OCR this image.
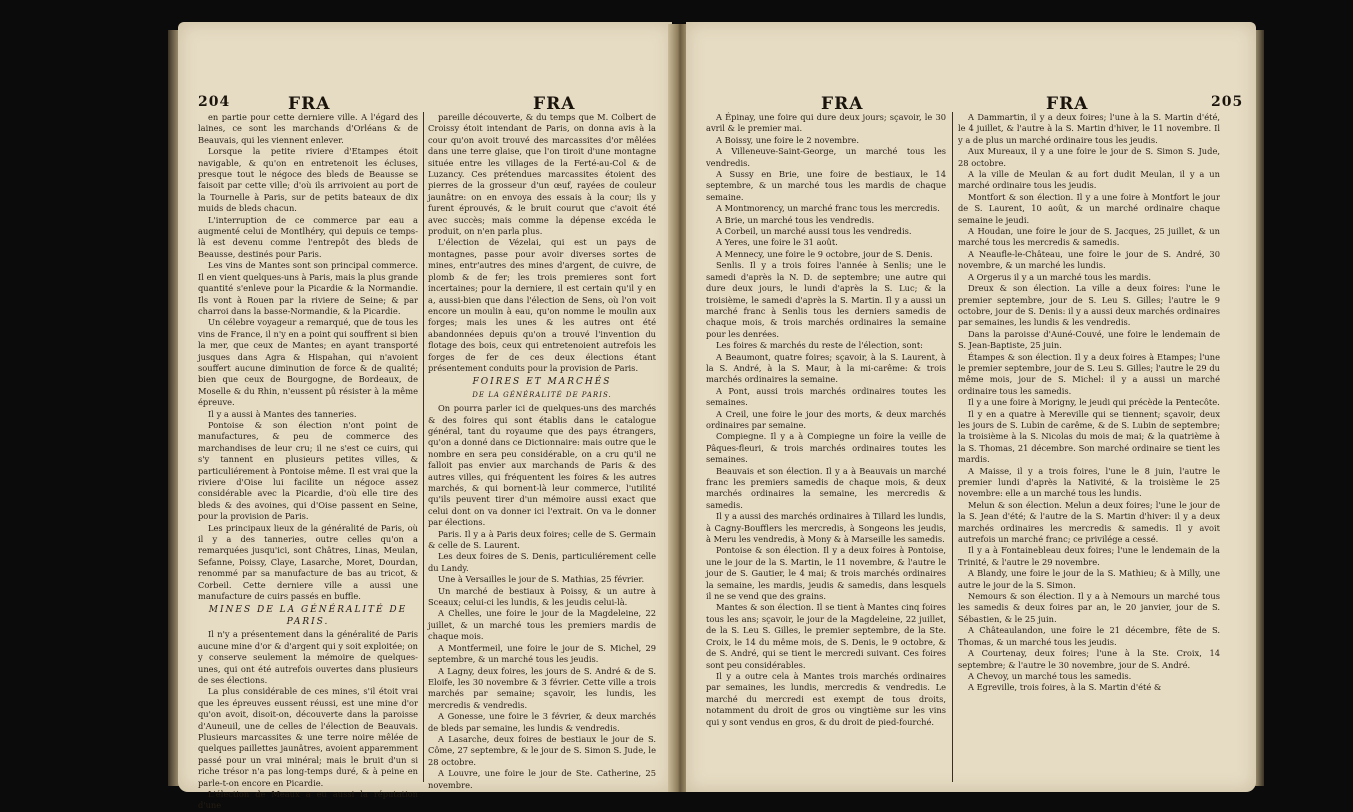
204	FRA	FRA

en partie pour cette derniere ville. A l'égard des laines, ce sont les marchands d'Orléans & de Beauvais, qui les viennent enlever.

Lorsque la petite riviere d'Etampes étoit navigable, & qu'on en entretenoit les écluses, presque tout le négoce des bleds de Beausse se faisoit par cette ville; d'où ils arrivoient au port de la Tournelle à Paris, sur de petits bateaux de dix muids de bleds chacun.

L'interruption de ce commerce par eau a augmenté celui de Montlhéry, qui depuis ce temps-là est devenu comme l'entrepôt des bleds de Beausse, destinés pour Paris.

Les vins de Mantes sont son principal commerce. Il en vient quelques-uns à Paris, mais la plus grande quantité s'enleve pour la Picardie & la Normandie. Ils vont à Rouen par la riviere de Seine; & par charroi dans la basse-Normandie, & la Picardie.

Un célebre voyageur a remarqué, que de tous les vins de France, il n'y en a point qui souffrent si bien la mer, que ceux de Mantes; en ayant transporté jusques dans Agra & Hispahan, qui n'avoient souffert aucune diminution de force & de qualité; bien que ceux de Bourgogne, de Bordeaux, de Moselle & du Rhin, n'eussent pû résister à la même épreuve.

Il y a aussi à Mantes des tanneries.

Pontoise & son élection n'ont point de manufactures, & peu de commerce des marchandises de leur cru; il ne s'est ce cuirs, qui s'y tannent en plusieurs petites villes, & particuliérement à Pontoise même. Il est vrai que la riviere d'Oise lui facilite un négoce assez considérable avec la Picardie, d'où elle tire des bleds & des avoines, qui d'Oise passent en Seine, pour la provision de Paris.

Les principaux lieux de la généralité de Paris, où il y a des tanneries, outre celles qu'on a remarquées jusqu'ici, sont Châtres, Linas, Meulan, Sefanne, Poissy, Claye, Lasarche, Moret, Dourdan, renommé par sa manufacture de bas au tricot, & Corbeil. Cette derniere ville a aussi une manufacture de cuirs passés en buffle.

MINES DE LA GÉNÉRALITÉ DE PARIS.

Il n'y a présentement dans la généralité de Paris aucune mine d'or & d'argent qui y soit exploitée; on y conserve seulement la mémoire de quelques-unes, qui ont été autrefois ouvertes dans plusieurs de ses élections.

La plus considérable de ces mines, s'il étoit vrai que les épreuves eussent réussi, est une mine d'or qu'on avoit, disoit-on, découverte dans la paroisse d'Auneuil, une de celles de l'élection de Beauvais. Plusieurs marcassites & une terre noire mêlée de quelques paillettes jaunâtres, avoient apparemment passé pour un vrai minéral; mais le bruit d'un si riche trésor n'a pas long-temps duré, & à peine en parle-t-on encore en Picardie.

L'élection de Meaux a eu aussi la réputation d'une

pareille découverte, & du temps que M. Colbert de Croissy étoit intendant de Paris, on donna avis à la cour qu'on avoit trouvé des marcassites d'or mêlées dans une terre glaise, que l'on tiroit d'une montagne située entre les villages de la Ferté-au-Col & de Luzancy. Ces prétendues marcassites étoient des pierres de la grosseur d'un œuf, rayées de couleur jaunâtre: on en envoya des essais à la cour; ils y furent éprouvés, & le bruit courut que c'avoit été avec succès; mais comme la dépense excéda le produit, on n'en parla plus.

L'élection de Vézelai, qui est un pays de montagnes, passe pour avoir diverses sortes de mines, entr'autres des mines d'argent, de cuivre, de plomb & de fer; les trois premieres sont fort incertaines; pour la derniere, il est certain qu'il y en a, aussi-bien que dans l'élection de Sens, où l'on voit encore un moulin à eau, qu'on nomme le moulin aux forges; mais les unes & les autres ont été abandonnées depuis qu'on a trouvé l'invention du flotage des bois, ceux qui entretenoient autrefois les forges de fer de ces deux élections étant présentement conduits pour la provision de Paris.

FOIRES ET MARCHÉS

DE LA GÉNÉRALITÉ DE PARIS.

On pourra parler ici de quelques-uns des marchés & des foires qui sont établis dans le catalogue général, tant du royaume que des pays étrangers, qu'on a donné dans ce Dictionnaire: mais outre que le nombre en sera peu considérable, on a cru qu'il ne falloit pas envier aux marchands de Paris & des autres villes, qui fréquentent les foires & les autres marchés, & qui bornent-là leur commerce, l'utilité qu'ils peuvent tirer d'un mémoire aussi exact que celui dont on va donner ici l'extrait. On va le donner par élections.

Paris. Il y a à Paris deux foires; celle de S. Germain & celle de S. Laurent.

Les deux foires de S. Denis, particuliérement celle du Landy.

Une à Versailles le jour de S. Mathias, 25 février.

Un marché de bestiaux à Poissy, & un autre à Sceaux; celui-ci les lundis, & les jeudis celui-là.

A Chelles, une foire le jour de la Magdeleine, 22 juillet, & un marché tous les premiers mardis de chaque mois.

A Montfermeil, une foire le jour de S. Michel, 29 septembre, & un marché tous les jeudis.

A Lagny, deux foires, les jours de S. André & de S. Eloife, les 30 novembre & 3 février. Cette ville a trois marchés par semaine; sçavoir, les lundis, les mercredis & vendredis.

A Gonesse, une foire le 3 février, & deux marchés de bleds par semaine, les lundis & vendredis.

A Lasarche, deux foires de bestiaux le jour de S. Côme, 27 septembre, & le jour de S. Simon S. Jude, le 28 octobre.

A Louvre, une foire le jour de Ste. Catherine, 25 novembre.

FRA	FRA	205

A Épinay, une foire qui dure deux jours; sçavoir, le 30 avril & le premier mai.

A Boissy, une foire le 2 novembre.

A Villeneuve-Saint-George, un marché tous les vendredis.

A Sussy en Brie, une foire de bestiaux, le 14 septembre, & un marché tous les mardis de chaque semaine.

A Montmorency, un marché franc tous les mercredis.

A Brie, un marché tous les vendredis.

A Corbeil, un marché aussi tous les vendredis.

A Yeres, une foire le 31 août.

A Mennecy, une foire le 9 octobre, jour de S. Denis.

Senlis. Il y a trois foires l'année à Senlis; une le samedi d'après la N. D. de septembre; une autre qui dure deux jours, le lundi d'après la S. Luc; & la troisième, le samedi d'après la S. Martin. Il y a aussi un marché franc à Senlis tous les derniers samedis de chaque mois, & trois marchés ordinaires la semaine pour les denrées.

Les foires & marchés du reste de l'élection, sont:

A Beaumont, quatre foires; sçavoir, à la S. Laurent, à la S. André, à la S. Maur, à la mi-carême: & trois marchés ordinaires la semaine.

A Pont, aussi trois marchés ordinaires toutes les semaines.

A Creil, une foire le jour des morts, & deux marchés ordinaires par semaine.

Compiegne. Il y a à Compiegne un foire la veille de Pâques-fleuri, & trois marchés ordinaires toutes les semaines.

Beauvais et son élection. Il y a à Beauvais un marché franc les premiers samedis de chaque mois, & deux marchés ordinaires la semaine, les mercredis & samedis.

Il y a aussi des marchés ordinaires à Tillard les lundis, à Cagny-Boufflers les mercredis, à Songeons les jeudis, à Meru les vendredis, à Mony & à Marseille les samedis.

Pontoise & son élection. Il y a deux foires à Pontoise, une le jour de la S. Martin, le 11 novembre, & l'autre le jour de S. Gautier, le 4 mai; & trois marchés ordinaires la semaine, les mardis, jeudis & samedis, dans lesquels il ne se vend que des grains.

Mantes & son élection. Il se tient à Mantes cinq foires tous les ans; sçavoir, le jour de la Magdeleine, 22 juillet, de la S. Leu S. Gilles, le premier septembre, de la Ste. Croix, le 14 du même mois, de S. Denis, le 9 octobre, & de S. André, qui se tient le mercredi suivant. Ces foires sont peu considérables.

Il y a outre cela à Mantes trois marchés ordinaires par semaines, les lundis, mercredis & vendredis. Le marché du mercredi est exempt de tous droits, notamment du droit de gros ou vingtième sur les vins qui y sont vendus en gros, & du droit de pied-fourché.

A Dammartin, il y a deux foires; l'une à la S. Martin d'été, le 4 juillet, & l'autre à la S. Martin d'hiver, le 11 novembre. Il y a de plus un marché ordinaire tous les jeudis.

Aux Mureaux, il y a une foire le jour de S. Simon S. Jude, 28 octobre.

A la ville de Meulan & au fort dudit Meulan, il y a un marché ordinaire tous les jeudis.

Montfort & son élection. Il y a une foire à Montfort le jour de S. Laurent, 10 août, & un marché ordinaire chaque semaine le jeudi.

A Houdan, une foire le jour de S. Jacques, 25 juillet, & un marché tous les mercredis & samedis.

A Neaufle-le-Château, une foire le jour de S. André, 30 novembre, & un marché les lundis.

A Orgerus il y a un marché tous les mardis.

Dreux & son élection. La ville a deux foires: l'une le premier septembre, jour de S. Leu S. Gilles; l'autre le 9 octobre, jour de S. Denis: il y a aussi deux marchés ordinaires par semaines, les lundis & les vendredis.

Dans la paroisse d'Auné-Couvé, une foire le lendemain de S. Jean-Baptiste, 25 juin.

Étampes & son élection. Il y a deux foires à Etampes; l'une le premier septembre, jour de S. Leu S. Gilles; l'autre le 29 du même mois, jour de S. Michel: il y a aussi un marché ordinaire tous les samedis.

Il y a une foire à Morigny, le jeudi qui précède la Pentecôte.

Il y en a quatre à Mereville qui se tiennent; sçavoir, deux les jours de S. Lubin de carême, & de S. Lubin de septembre; la troisième à la S. Nicolas du mois de mai; & la quatrième à la S. Thomas, 21 décembre. Son marché ordinaire se tient les mardis.

A Maisse, il y a trois foires, l'une le 8 juin, l'autre le premier lundi d'après la Nativité, & la troisième le 25 novembre: elle a un marché tous les lundis.

Melun & son élection. Melun a deux foires; l'une le jour de la S. Jean d'été; & l'autre de la S. Martin d'hiver: il y a deux marchés ordinaires les mercredis & samedis. Il y avoit autrefois un marché franc; ce privilége a cessé.

Il y a à Fontainebleau deux foires; l'une le lendemain de la Trinité, & l'autre le 29 novembre.

A Blandy, une foire le jour de la S. Mathieu; & à Milly, une autre le jour de la S. Simon.

Nemours & son élection. Il y a à Nemours un marché tous les samedis & deux foires par an, le 20 janvier, jour de S. Sébastien, & le 25 juin.

A Châteaulandon, une foire le 21 décembre, fête de S. Thomas, & un marché tous les jeudis.

A Courtenay, deux foires; l'une à la Ste. Croix, 14 septembre; & l'autre le 30 novembre, jour de S. André.

A Chevoy, un marché tous les samedis.

A Egreville, trois foires, à la S. Martin d'été &
